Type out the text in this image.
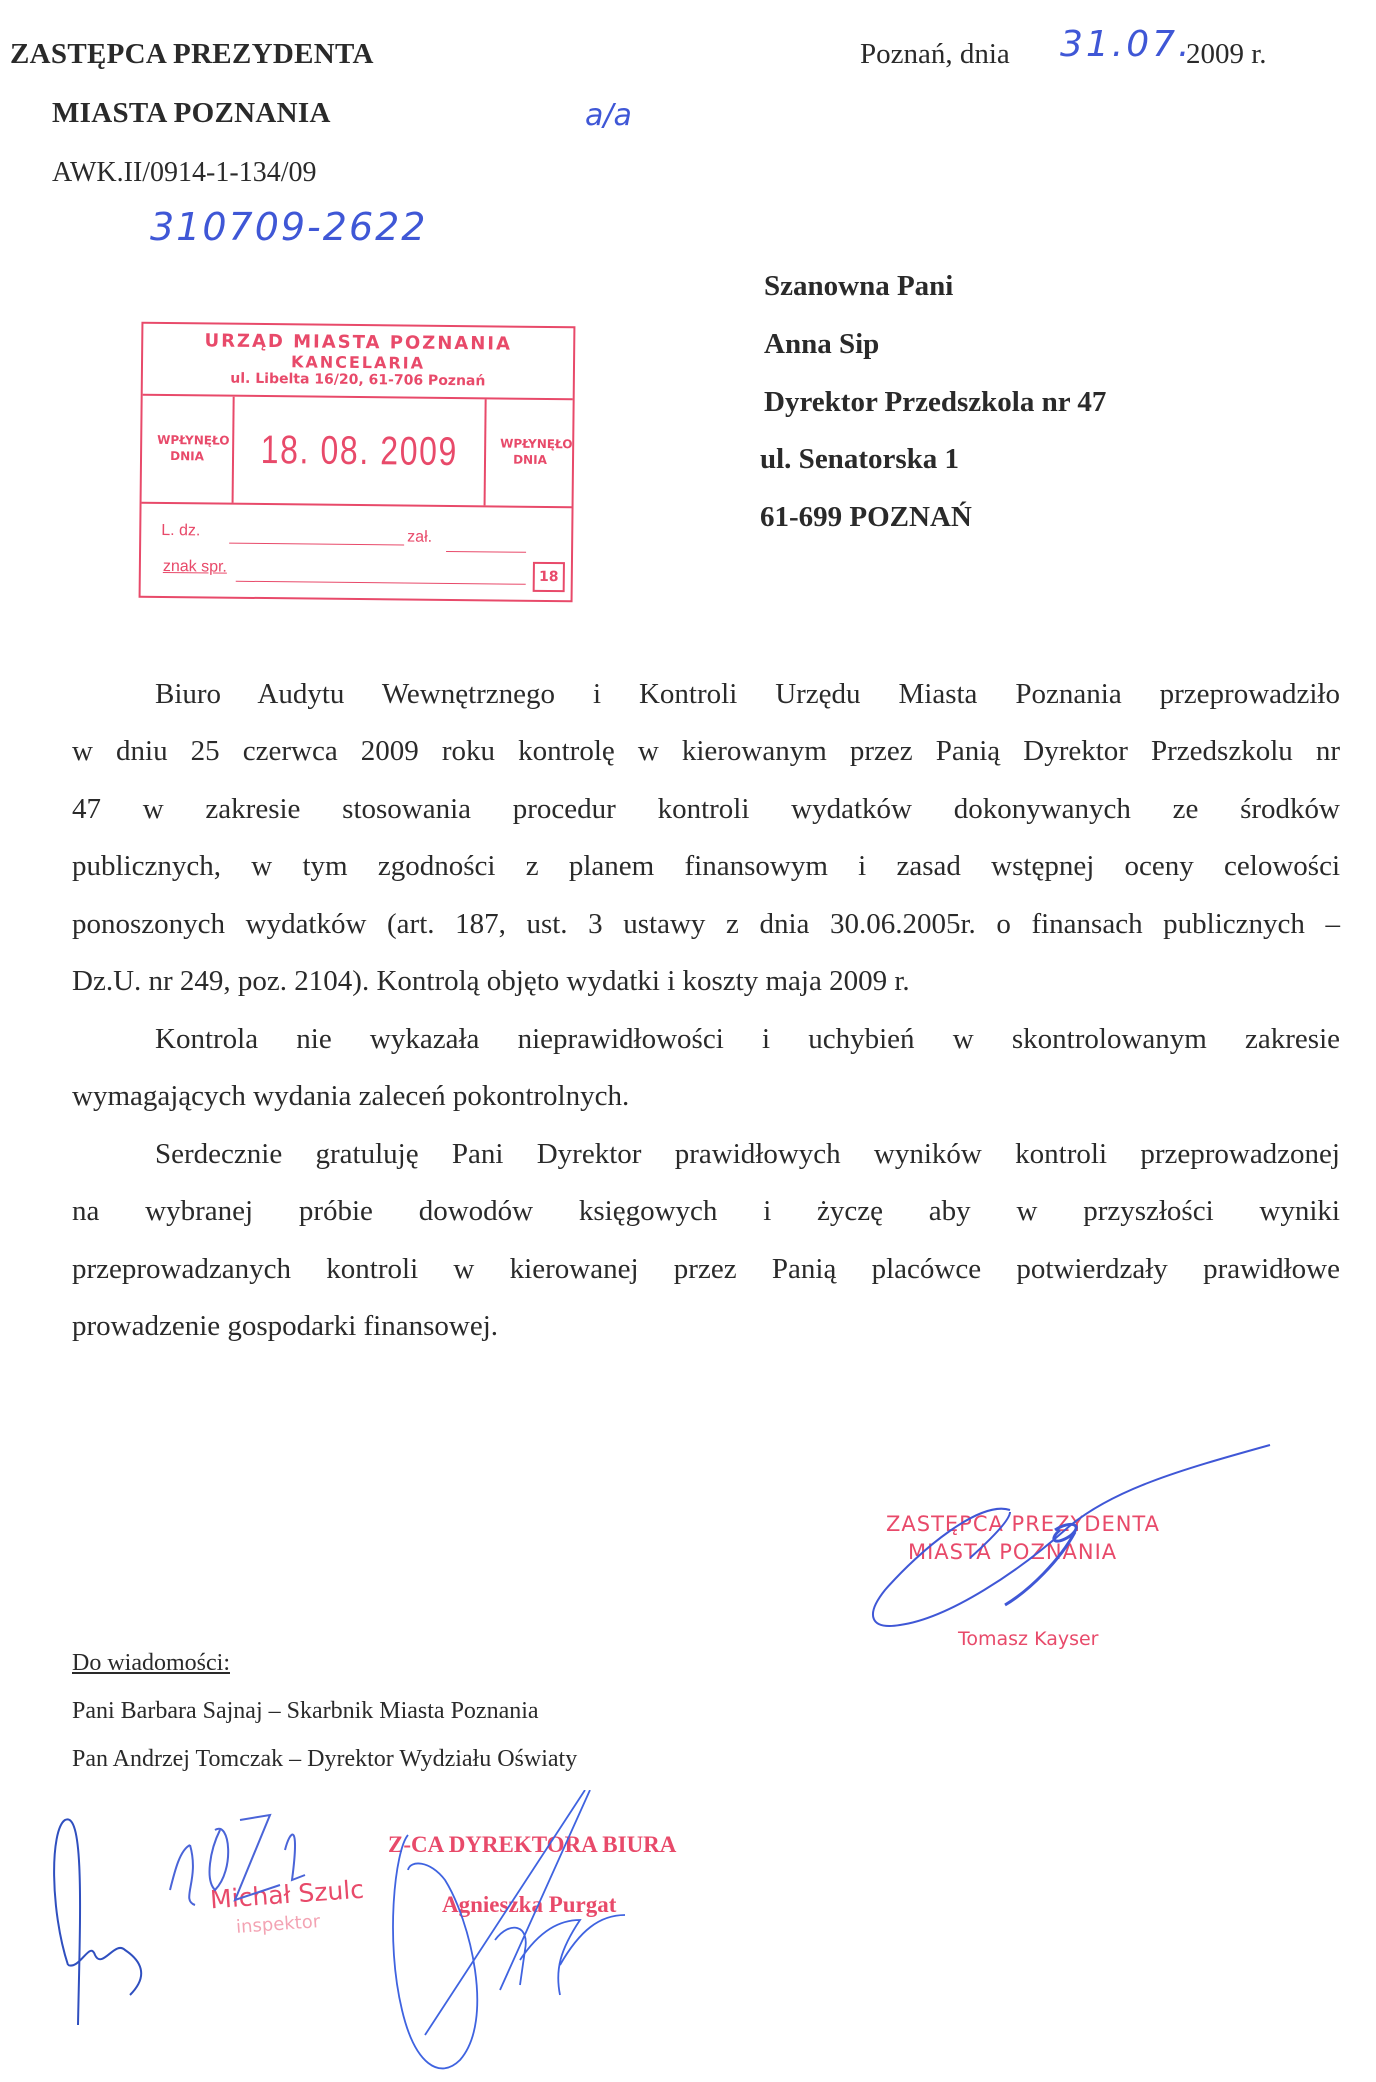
ZASTĘPCA PREZYDENTA
MIASTA POZNANIA
AWK.II/0914-1-134/09
310709-2622
a/a
Poznań, dnia 31.07.
2009 r.
URZĄD MIASTA POZNANIA
KANCELARIA
ul. Libelta 16/20, 61-706 Poznań
WPŁYNĘŁO DNIA	18. 08. 2009	WPŁYNĘŁO DNIA
L. dz.	zał.
znak spr.
18
Szanowna Pani
Anna Sip
Dyrektor Przedszkola nr 47
ul. Senatorska 1
61-699 POZNAŃ
Biuro Audytu Wewnętrznego i Kontroli Urzędu Miasta Poznania przeprowadziło
w dniu 25 czerwca 2009 roku kontrolę w kierowanym przez Panią Dyrektor Przedszkolu nr
47 w zakresie stosowania procedur kontroli wydatków dokonywanych ze środków
publicznych, w tym zgodności z planem finansowym i zasad wstępnej oceny celowości
ponoszonych wydatków (art. 187, ust. 3 ustawy z dnia 30.06.2005r. o finansach publicznych –
Dz.U. nr 249, poz. 2104). Kontrolą objęto wydatki i koszty maja 2009 r.
Kontrola nie wykazała nieprawidłowości i uchybień w skontrolowanym zakresie
wymagających wydania zaleceń pokontrolnych.
Serdecznie gratuluję Pani Dyrektor prawidłowych wyników kontroli przeprowadzonej
na wybranej próbie dowodów księgowych i życzę aby w przyszłości wyniki
przeprowadzanych kontroli w kierowanej przez Panią placówce potwierdzały prawidłowe
prowadzenie gospodarki finansowej.
ZASTĘPCA PREZYDENTA
MIASTA POZNANIA
Tomasz Kayser
Do wiadomości:
Pani Barbara Sajnaj – Skarbnik Miasta Poznania
Pan Andrzej Tomczak – Dyrektor Wydziału Oświaty
Michał Szulc
inspektor
Z-CA DYREKTORA BIURA
Agnieszka Purgat
